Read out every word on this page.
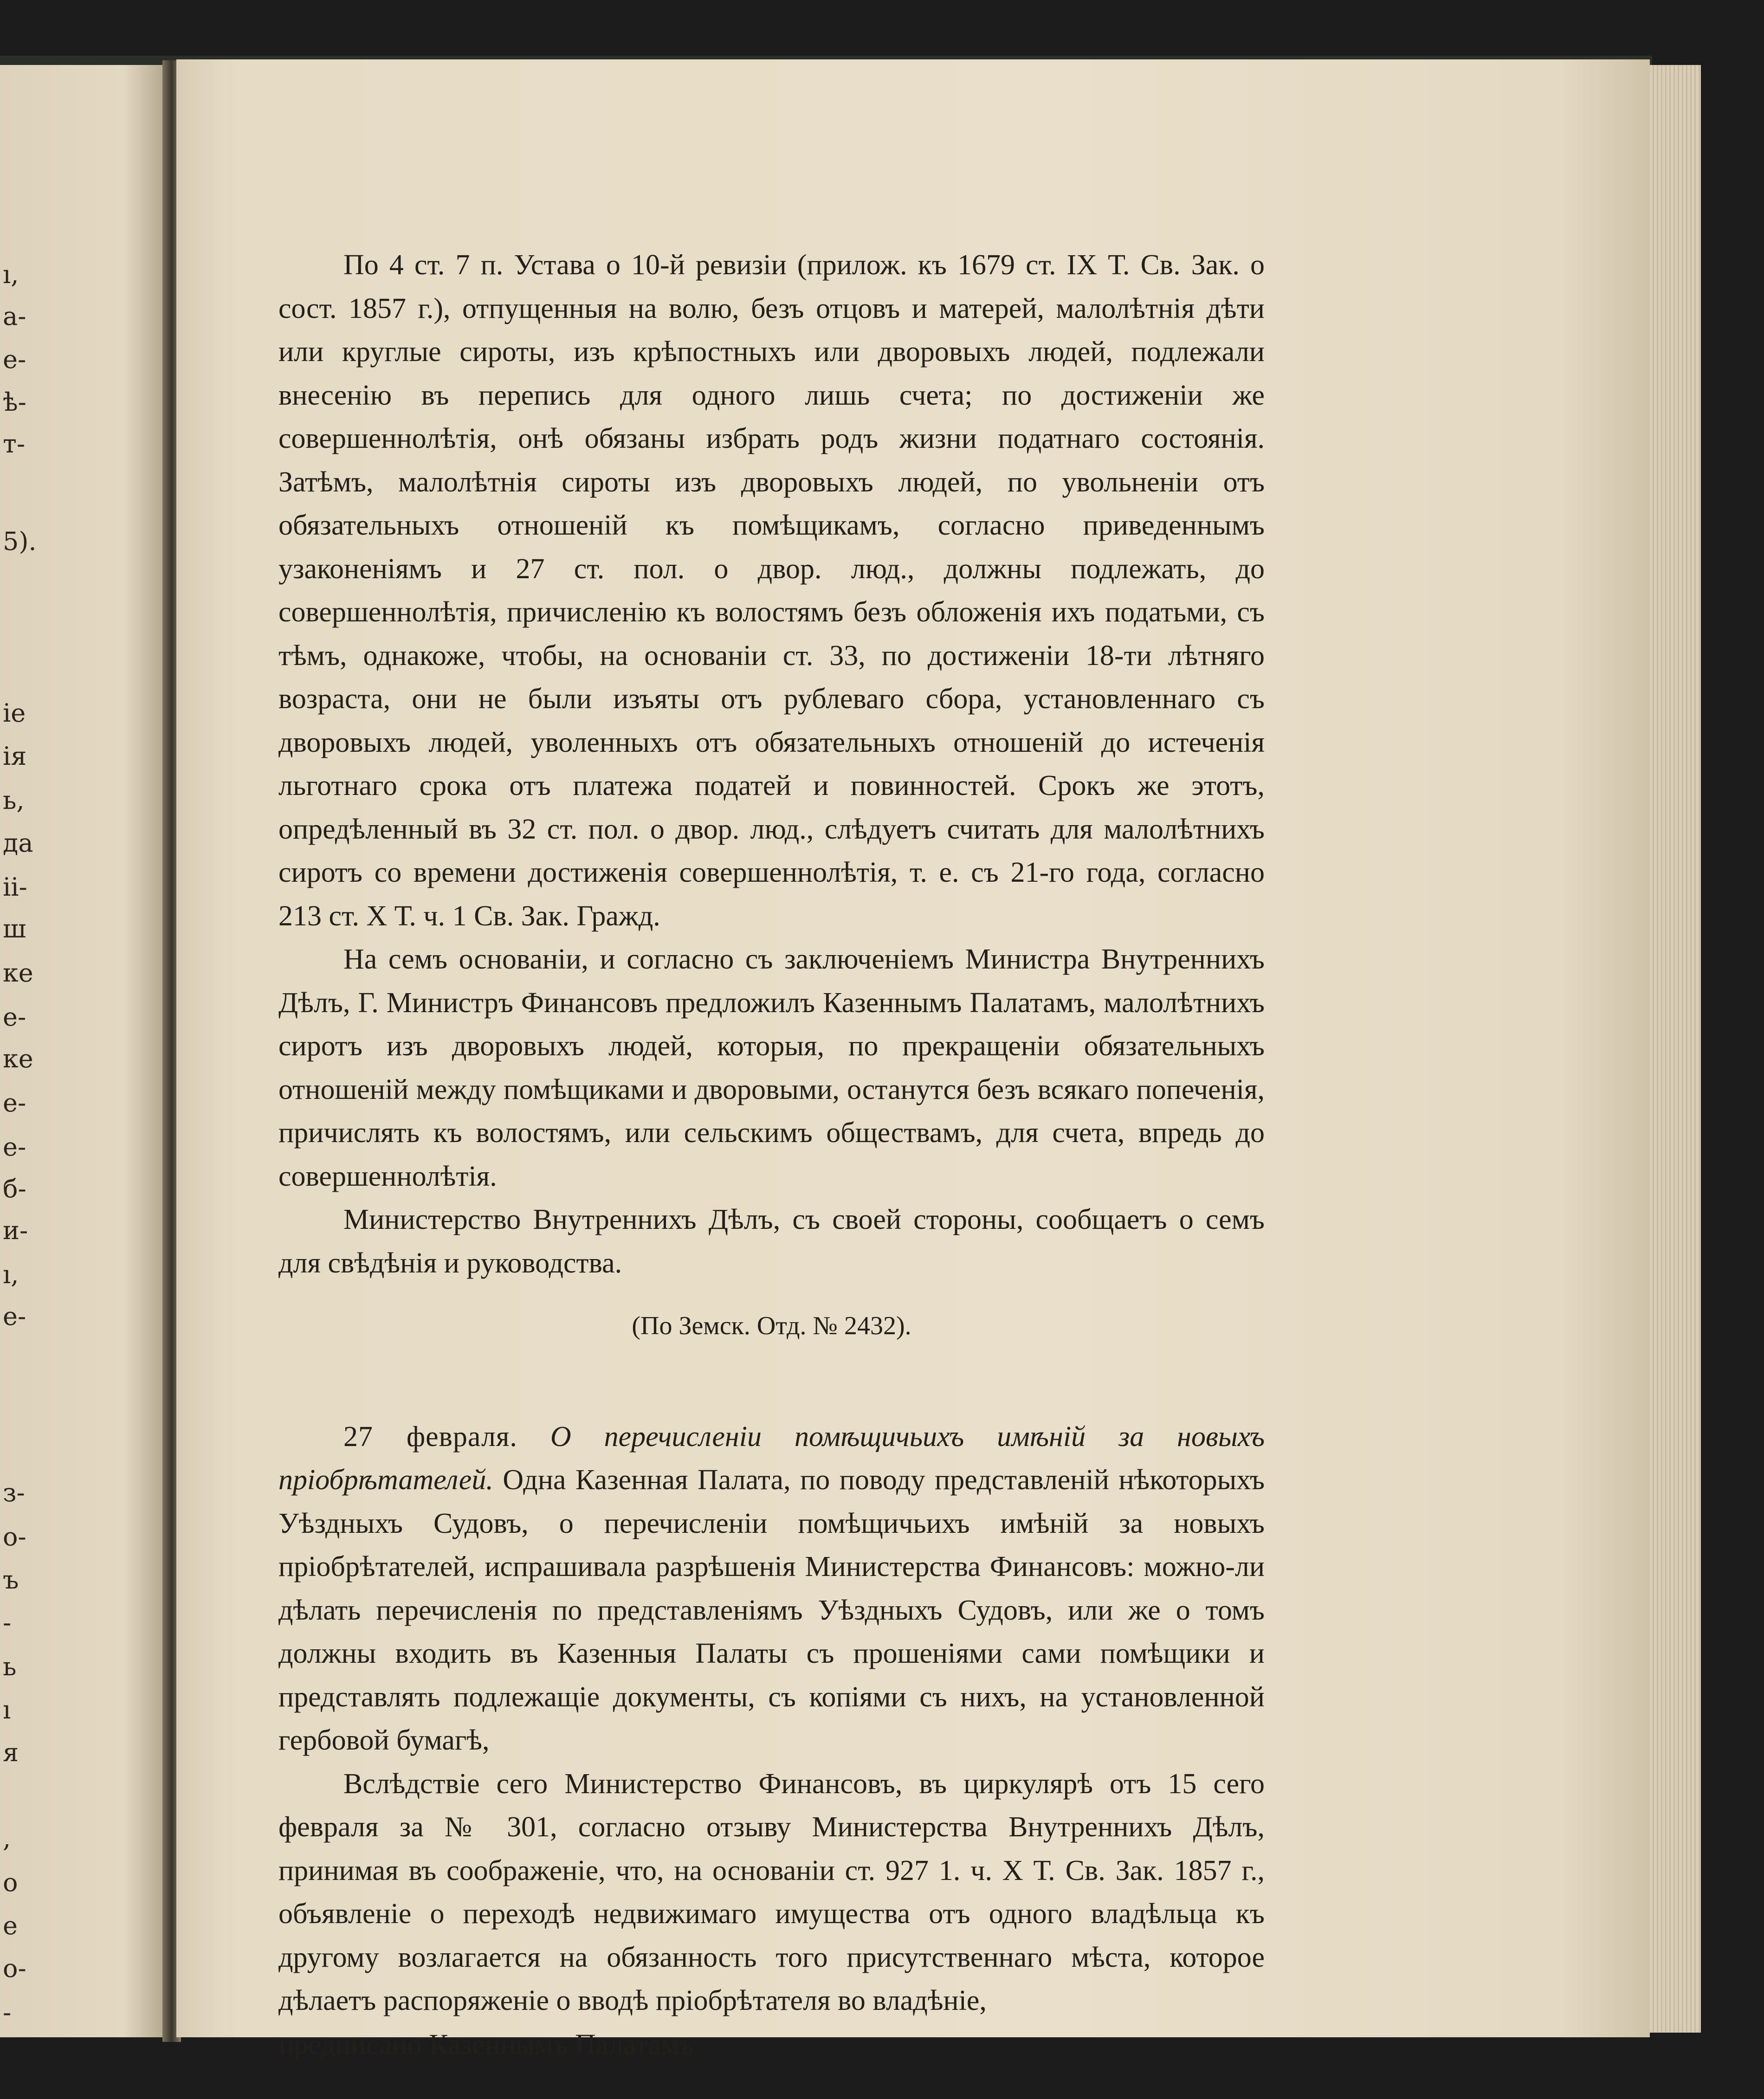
ı,
а-
е-
ѣ-
т-
5).
ie
ія
ь,
да
іі-
ш
ке
е-
ке
е-
е-
б-
и-
ı,
е-
з-
о-
ъ
-
ь
ı
я
,
о
е
о-
-

По 4 ст. 7 п. Устава о 10-й ревизіи (прилож. къ 1679 ст. IX Т. Св. Зак. о сост. 1857 г.), отпущенныя на волю, безъ отцовъ и матерей, малолѣтнія дѣти или круглые сироты, изъ крѣпостныхъ или дворовыхъ людей, подлежали внесенію въ перепись для одного лишь счета; по достиженіи же совершеннолѣтія, онѣ обязаны избрать родъ жизни податнаго состоянія. Затѣмъ, малолѣтнія сироты изъ дворовыхъ людей, по увольненіи отъ обязательныхъ отношеній къ помѣщикамъ, согласно приведеннымъ узаконеніямъ и 27 ст. пол. о двор. люд., должны подлежать, до совершеннолѣтія, причисленію къ волостямъ безъ обложенія ихъ податьми, съ тѣмъ, однакоже, чтобы, на основаніи ст. 33, по достиженіи 18-ти лѣтняго возраста, они не были изъяты отъ рублеваго сбора, установленнаго съ дворовыхъ людей, уволенныхъ отъ обязательныхъ отношеній до истеченія льготнаго срока отъ платежа податей и повинностей. Срокъ же этотъ, опредѣленный въ 32 ст. пол. о двор. люд., слѣдуетъ считать для малолѣтнихъ сиротъ со времени достиженія совершеннолѣтія, т. е. съ 21-го года, согласно 213 ст. X Т. ч. 1 Св. Зак. Гражд.

На семъ основаніи, и согласно съ заключеніемъ Министра Внутреннихъ Дѣлъ, Г. Министръ Финансовъ предложилъ Казеннымъ Палатамъ, малолѣтнихъ сиротъ изъ дворовыхъ людей, которыя, по прекращеніи обязательныхъ отношеній между помѣщиками и дворовыми, останутся безъ всякаго попеченія, причислять къ волостямъ, или сельскимъ обществамъ, для счета, впредь до совершеннолѣтія.

Министерство Внутреннихъ Дѣлъ, съ своей стороны, сообщаетъ о семъ для свѣдѣнія и руководства.

(По Земск. Отд. № 2432).

27 февраля. О перечисленіи помѣщичьихъ имѣній за новыхъ пріобрѣтателей. Одна Казенная Палата, по поводу представленій нѣкоторыхъ Уѣздныхъ Судовъ, о перечисленіи помѣщичьихъ имѣній за новыхъ пріобрѣтателей, испрашивала разрѣшенія Министерства Финансовъ: можно-ли дѣлать перечисленія по представленіямъ Уѣздныхъ Судовъ, или же о томъ должны входить въ Казенныя Палаты съ прошеніями сами помѣщики и представлять подлежащіе документы, съ копіями съ нихъ, на установленной гербовой бумагѣ,

Вслѣдствіе сего Министерство Финансовъ, въ циркулярѣ отъ 15 сего февраля за № 301, согласно отзыву Министерства Внутреннихъ Дѣлъ, принимая въ соображеніе, что, на основаніи ст. 927 1. ч. X Т. Св. Зак. 1857 г., объявленіе о переходѣ недвижимаго имущества отъ одного владѣльца къ другому возлагается на обязанность того присутственнаго мѣста, которое дѣлаетъ распоряженіе о вводѣ пріобрѣтателя во владѣніе,

предписано Казеннымъ Палатамъ
